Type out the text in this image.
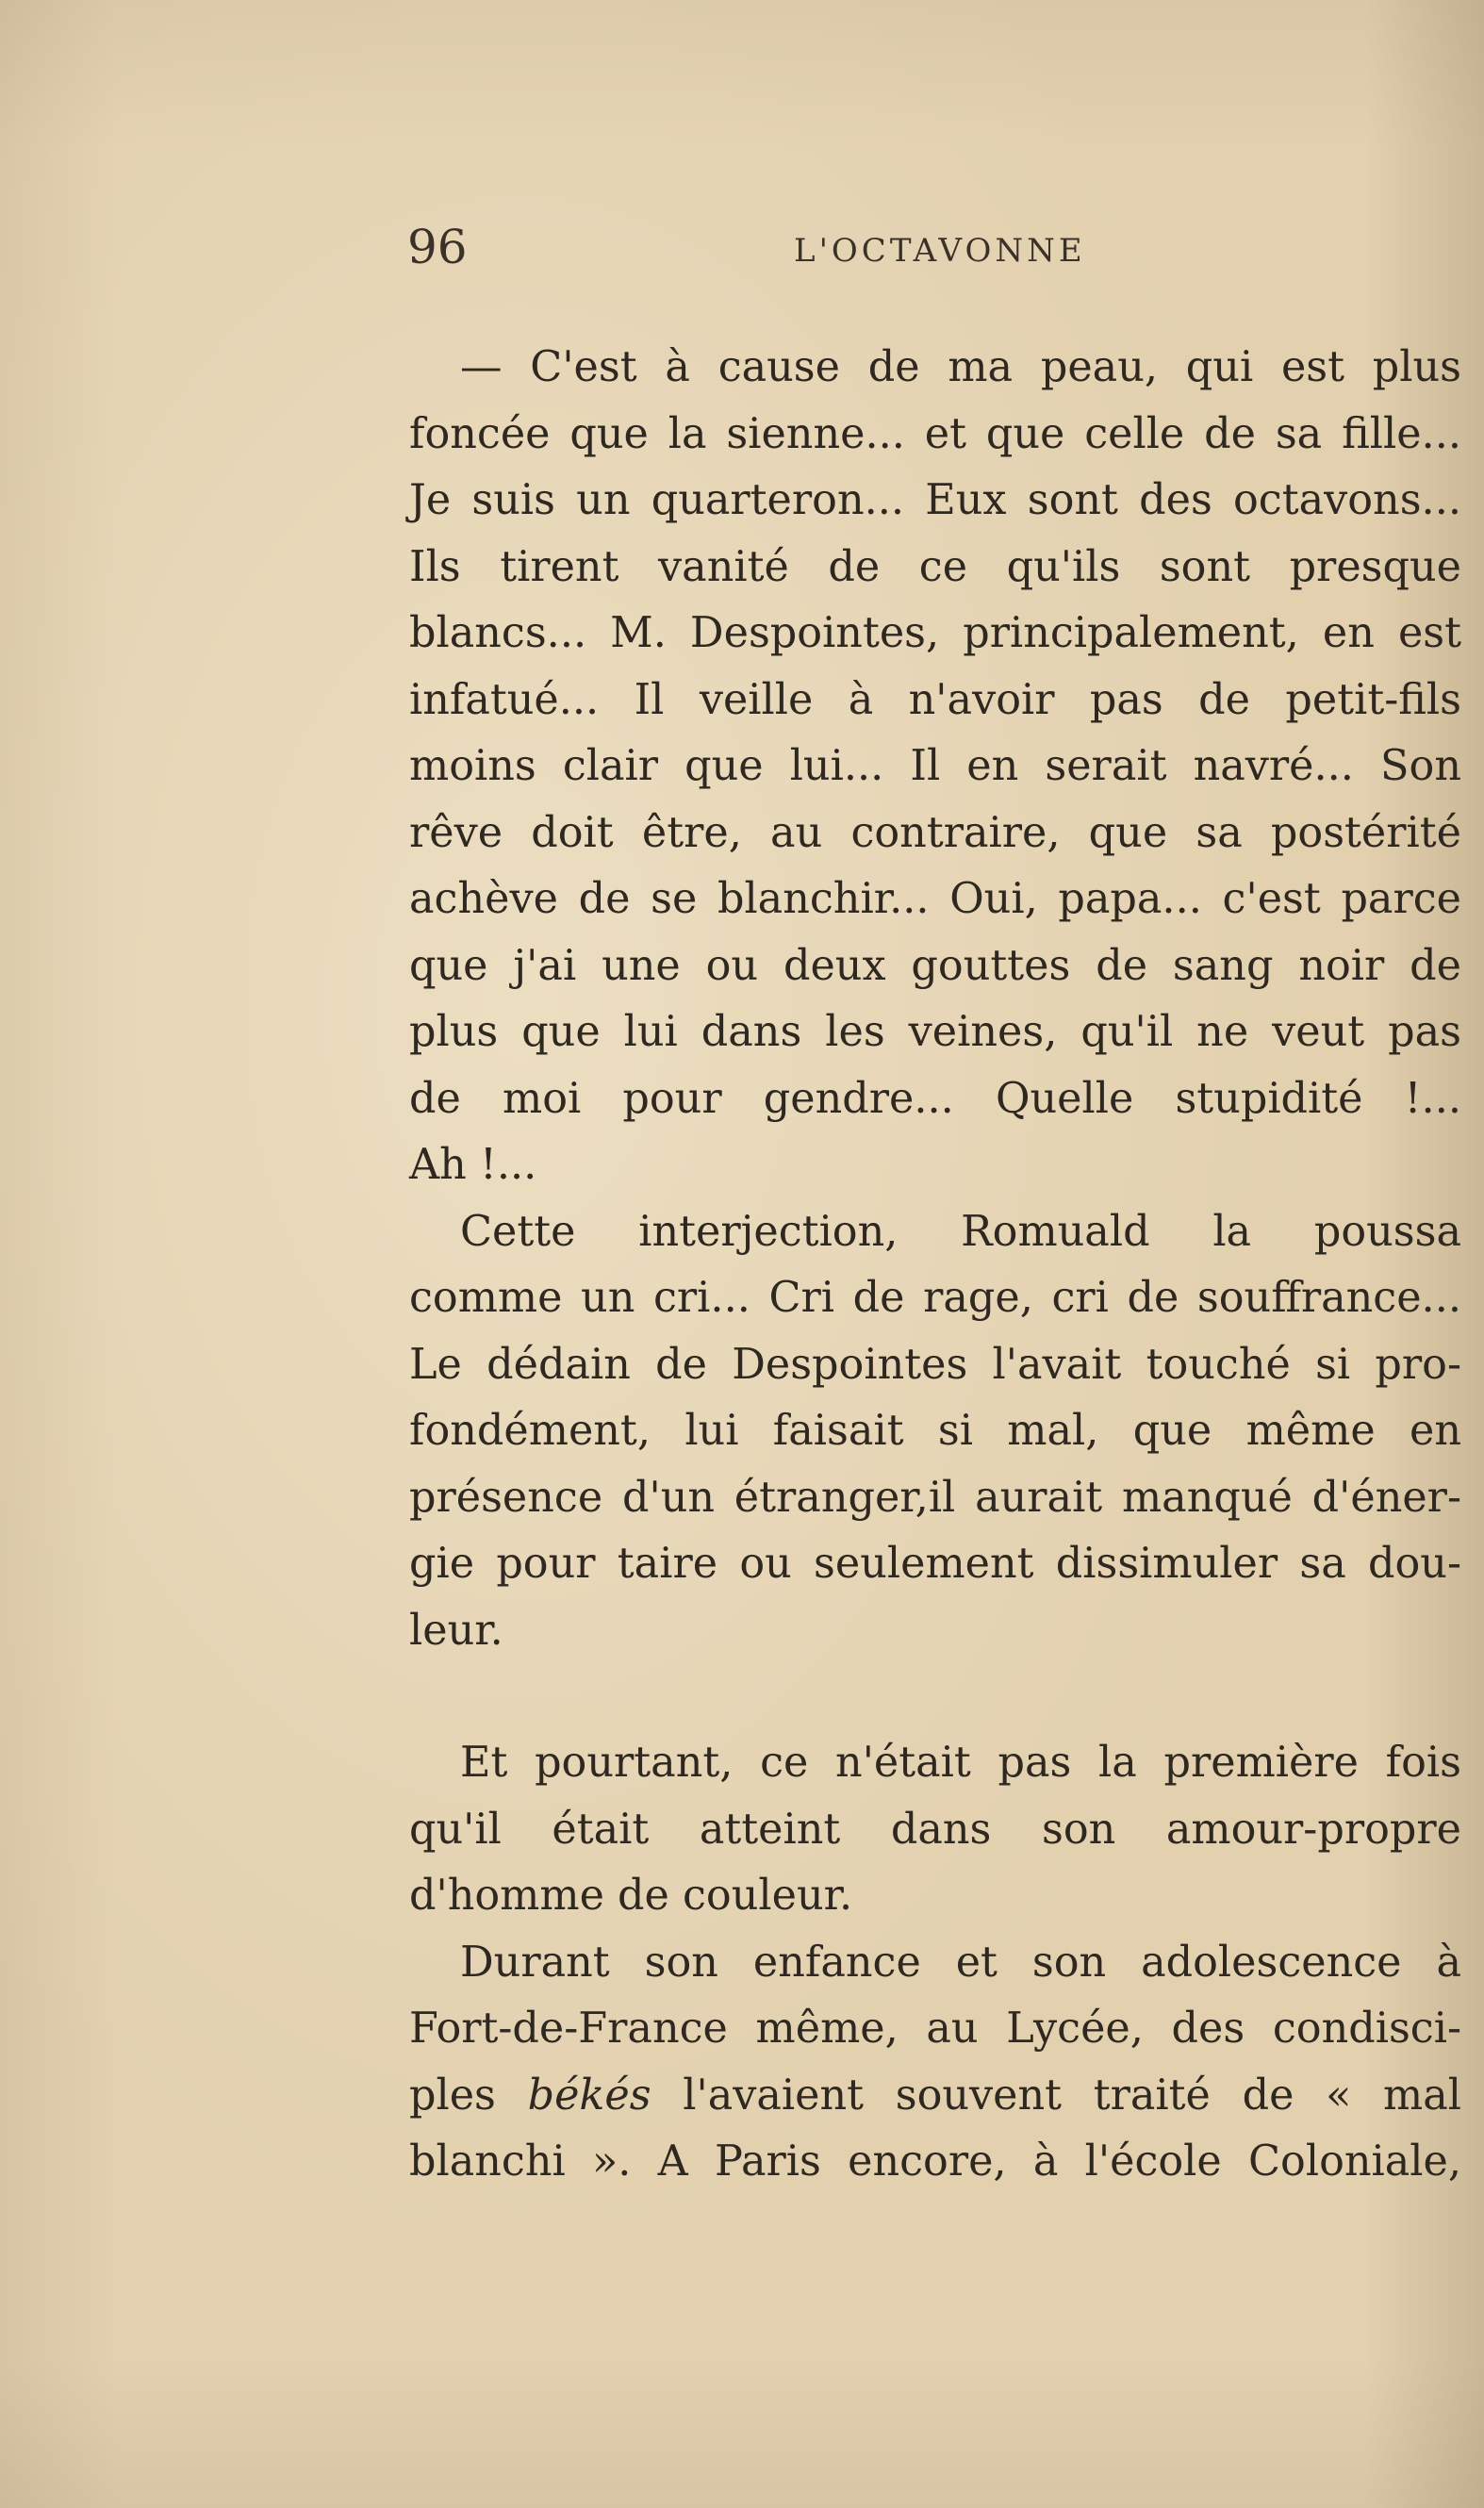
96	L'OCTAVONNE
— C'est à cause de ma peau, qui est plus
foncée que la sienne... et que celle de sa fille...
Je suis un quarteron... Eux sont des octavons...
Ils tirent vanité de ce qu'ils sont presque
blancs... M. Despointes, principalement, en est
infatué... Il veille à n'avoir pas de petit-fils
moins clair que lui... Il en serait navré... Son
rêve doit être, au contraire, que sa postérité
achève de se blanchir... Oui, papa... c'est parce
que j'ai une ou deux gouttes de sang noir de
plus que lui dans les veines, qu'il ne veut pas
de moi pour gendre... Quelle stupidité !...
Ah !...
Cette interjection, Romuald la poussa
comme un cri... Cri de rage, cri de souffrance...
Le dédain de Despointes l'avait touché si pro-
fondément, lui faisait si mal, que même en
présence d'un étranger,il aurait manqué d'éner-
gie pour taire ou seulement dissimuler sa dou-
leur.
Et pourtant, ce n'était pas la première fois
qu'il était atteint dans son amour-propre
d'homme de couleur.
Durant son enfance et son adolescence à
Fort-de-France même, au Lycée, des condisci-
ples békés l'avaient souvent traité de « mal
blanchi ». A Paris encore, à l'école Coloniale,
